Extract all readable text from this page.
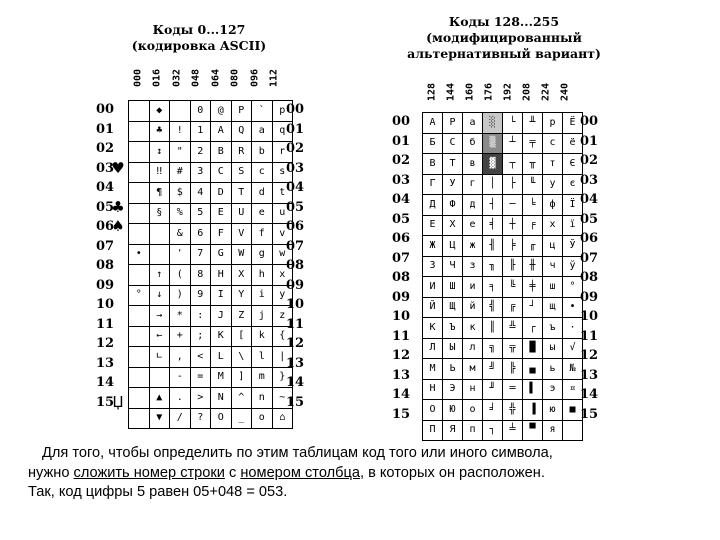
Коды 0...127
(кодировка ASCII)
Коды 128...255
(модифицированный
альтернативный вариант)
000 016 032 048 064 080 096 112
128 144 160 176 192 208 224 240
00
01
02
03
04
05
06
07
08
09
10
11
12
13
14
15
00
01
02
03
04
05
06
07
08
09
10
11
12
13
14
15
♥
♣
♠
Џ
00
01
02
03
04
05
06
07
08
09
10
11
12
13
14
15
00
01
02
03
04
05
06
07
08
09
10
11
12
13
14
15
	◆		0	@	P	`	p
	♣	!	1	A	Q	a	q
	↕	"	2	B	R	b	r
	‼	#	3	C	S	c	s
	¶	$	4	D	T	d	t
	§	%	5	E	U	e	u
		&	6	F	V	f	v
•		'	7	G	W	g	w
	↑	(	8	H	X	h	x
°	↓	)	9	I	Y	i	y
	→	*	:	J	Z	j	z
	←	+	;	K	[	k	{
	∟	,	<	L	\	l	|
		-	=	M	]	m	}
	▲	.	>	N	^	n	~
	▼	/	?	O	_	o	⌂
А	Р	а	░	└	╨	р	Ё
Б	С	б	▒	┴	╤	с	ё
В	Т	в	▓	┬	╥	т	Є
Г	У	г	│	├	╙	у	є
Д	Ф	д	┤	─	╘	ф	Ї
Е	Х	е	╡	┼	╒	х	ї
Ж	Ц	ж	╢	╞	╓	ц	Ў
З	Ч	з	╖	╟	╫	ч	ў
И	Ш	и	╕	╚	╪	ш	°
Й	Щ	й	╣	╔	┘	щ	∙
К	Ъ	к	║	╩	┌	ъ	·
Л	Ы	л	╗	╦	█	ы	√
М	Ь	м	╝	╠	▄	ь	№
Н	Э	н	╜	═	▌	э	¤
О	Ю	о	╛	╬	▐	ю	■
П	Я	п	┐	╧	▀	я	
Для того, чтобы определить по этим таблицам код того или иного символа,
нужно сложить номер строки с номером столбца, в которых он расположен.
Так, код цифры 5 равен 05+048 = 053.
